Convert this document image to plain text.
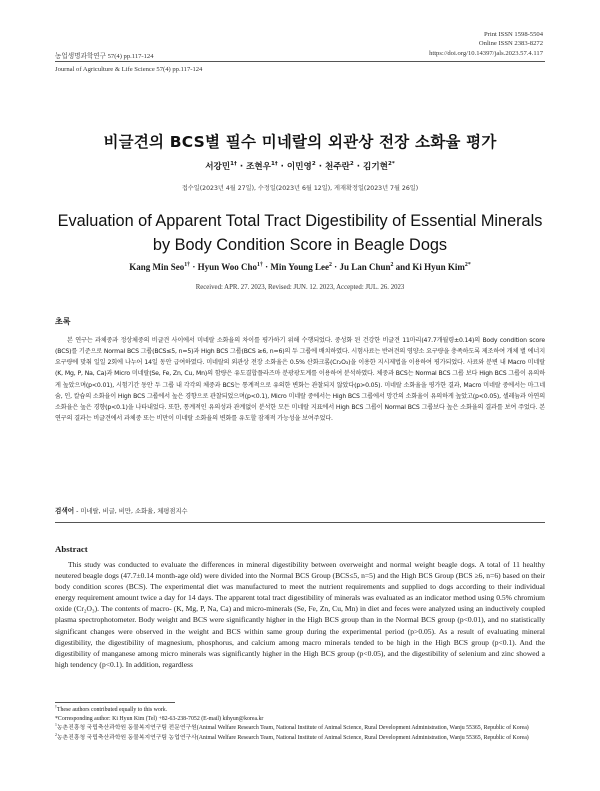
Print ISSN 1598-5504
Online ISSN 2383-8272
https://doi.org/10.14397/jals.2023.57.4.117
농업생명과학연구 57(4) pp.117-124
Journal of Agriculture & Life Science 57(4) pp.117-124
비글견의 BCS별 필수 미네랄의 외관상 전장 소화율 평가
서강민$^{1\dagger}$ · 조현우$^{1\dagger}$ · 이민영$^2$ · 천주란$^2$ · 김기현$^{2*}$
접수일(2023년 4월 27일), 수정일(2023년 6월 12일), 게재확정일(2023년 7월 26일)
Evaluation of Apparent Total Tract Digestibility of Essential Minerals
by Body Condition Score in Beagle Dogs
Kang Min Seo$^{1\dagger}$ · Hyun Woo Cho$^{1\dagger}$ · Min Young Lee$^2$ · Ju Lan Chun$^2$ and Ki Hyun Kim$^{2*}$
Received: APR. 27. 2023, Revised: JUN. 12. 2023, Accepted: JUL. 26. 2023
초록
본 연구는 과체중과 정상체중의 비글견 사이에서 미네랄 소화율의 차이를 평가하기 위해 수행되었다. 중성화 된 건강한 비글견 11마리(47.7개월령±0.14)의 Body condition score (BCS)를 기준으로 Normal BCS 그룹(BCS≤5, n=5)과 High BCS 그룹(BCS ≥6, n=6)의 두 그룹에 배치하였다. 시험사료는 반려견의 영양소 요구량을 충족하도록 제조하여 개체 별 에너지요구량에 맞춰 일일 2회에 나누어 14일 동안 급여하였다. 미네랄의 외관상 전장 소화율은 0.5% 산화크롬(Cr₂O₃)을 이용한 지시제법을 이용하여 평가되었다. 사료와 분변 내 Macro 미네랄(K, Mg, P, Na, Ca)과 Micro 미네랄(Se, Fe, Zn, Cu, Mn)의 함량은 유도결합플라즈마 분광광도계를 이용하여 분석하였다. 체중과 BCS는 Normal BCS 그룹 보다 High BCS 그룹이 유의하게 높았으며(p<0.01), 시험기간 동안 두 그룹 내 각각의 체중과 BCS는 통계적으로 유의한 변화는 관찰되지 않았다(p>0.05). 미네랄 소화율을 평가한 결과, Macro 미네랄 중에서는 마그네슘, 인, 칼슘의 소화율이 High BCS 그룹에서 높은 경향으로 관찰되었으며(p<0.1), Micro 미네랄 중에서는 High BCS 그룹에서 망간의 소화율이 유의하게 높았고(p<0.05), 셀레늄과 아연의 소화율은 높은 경향(p<0.1)을 나타내었다. 또한, 통계적인 유의성과 관계없이 분석한 모든 미네랄 지표에서 High BCS 그룹이 Normal BCS 그룹보다 높은 소화율의 결과를 보여 주었다. 본 연구의 결과는 비글견에서 과체중 또는 비만이 미네랄 소화율의 변화를 유도할 잠재적 가능성을 보여주었다.
검색어 - 미네랄, 비글, 비만, 소화율, 체평점지수
Abstract
This study was conducted to evaluate the differences in mineral digestibility between overweight and normal weight beagle dogs. A total of 11 healthy neutered beagle dogs (47.7±0.14 month-age old) were divided into the Normal BCS Group (BCS≤5, n=5) and the High BCS Group (BCS ≥6, n=6) based on their body condition scores (BCS). The experimental diet was manufactured to meet the nutrient requirements and supplied to dogs according to their individual energy requirement amount twice a day for 14 days. The apparent total tract digestibility of minerals was evaluated as an indicator method using 0.5% chromium oxide (Cr₂O₃). The contents of macro- (K, Mg, P, Na, Ca) and micro-minerals (Se, Fe, Zn, Cu, Mn) in diet and feces were analyzed using an inductively coupled plasma spectrophotometer. Body weight and BCS were significantly higher in the High BCS group than in the Normal BCS group (p<0.01), and no statistically significant changes were observed in the weight and BCS within same group during the experimental period (p>0.05). As a result of evaluating mineral digestibility, the digestibility of magnesium, phosphorus, and calcium among macro minerals tended to be high in the High BCS group (p<0.1). And the digestibility of manganese among micro minerals was significantly higher in the High BCS group (p<0.05), and the digestibility of selenium and zinc showed a high tendency (p<0.1). In addition, regardless

†These authors contributed equally to this work.

*Corresponding author: Ki Hyun Kim (Tel) +82-63-238-7052 (E-mail) kihyun@korea.kr

$^1$농촌진흥청 국립축산과학원 동물복지연구팀 전문연구원(Animal Welfare Research Team, National Institute of Animal Science, Rural Development Administration, Wanju 55365, Republic of Korea)

$^2$농촌진흥청 국립축산과학원 동물복지연구팀 농업연구사(Animal Welfare Research Team, National Institute of Animal Science, Rural Development Administration, Wanju 55365, Republic of Korea)
